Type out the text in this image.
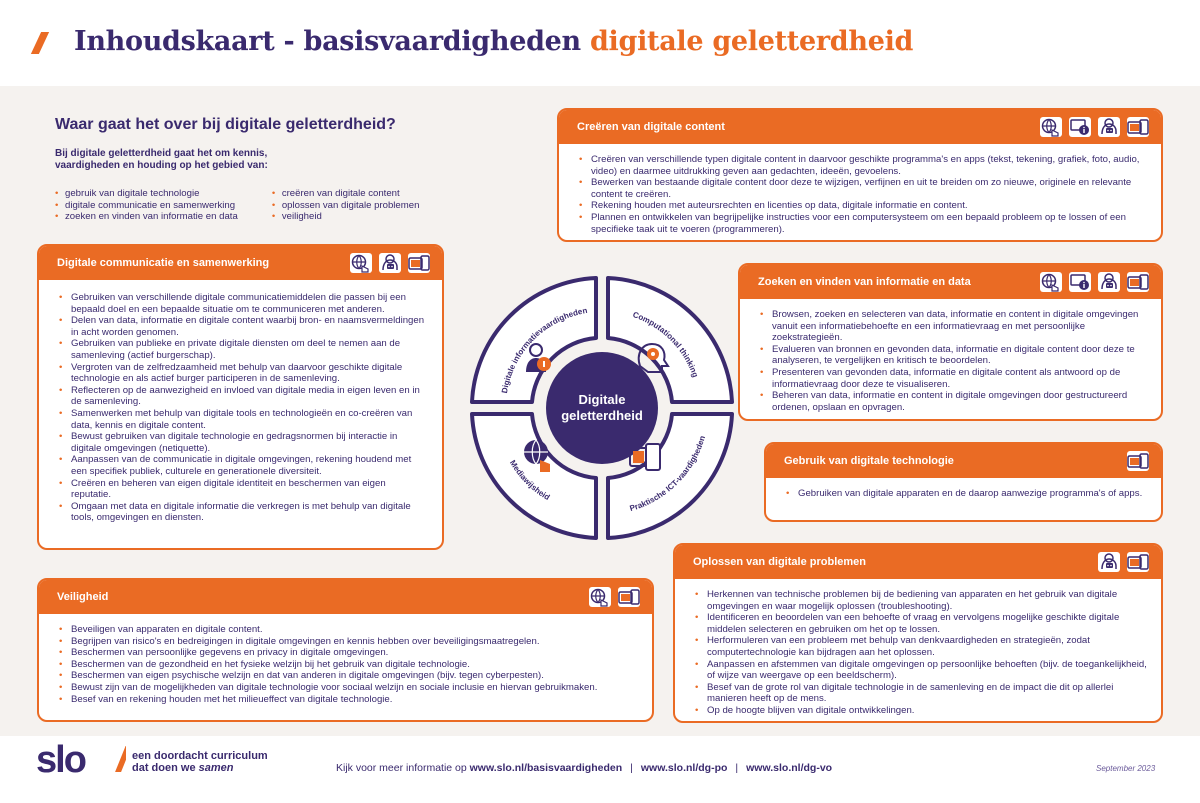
Inhoudskaart - basisvaardigheden digitale geletterdheid
Waar gaat het over bij digitale geletterdheid?

Bij digitale geletterdheid gaat het om kennis, vaardigheden en houding op het gebied van:

• gebruik van digitale technologie
• digitale communicatie en samenwerking
• zoeken en vinden van informatie en data
• creëren van digitale content
• oplossen van digitale problemen
• veiligheid
Creëren van digitale content
• Creëren van verschillende typen digitale content in daarvoor geschikte programma's en apps (tekst, tekening, grafiek, foto, audio, video) en daarmee uitdrukking geven aan gedachten, ideeën, gevoelens.
• Bewerken van bestaande digitale content door deze te wijzigen, verfijnen en uit te breiden om zo nieuwe, originele en relevante content te creëren.
• Rekening houden met auteursrechten en licenties op data, digitale informatie en content.
• Plannen en ontwikkelen van begrijpelijke instructies voor een computersysteem om een bepaald probleem op te lossen of een specifieke taak uit te voeren (programmeren).
Digitale communicatie en samenwerking
• Gebruiken van verschillende digitale communicatiemiddelen die passen bij een bepaald doel en een bepaalde situatie om te communiceren met anderen.
• Delen van data, informatie en digitale content waarbij bron- en naamsvermeldingen in acht worden genomen.
• Gebruiken van publieke en private digitale diensten om deel te nemen aan de samenleving (actief burgerschap).
• Vergroten van de zelfredzaamheid met behulp van daarvoor geschikte digitale technologie en als actief burger participeren in de samenleving.
• Reflecteren op de aanwezigheid en invloed van digitale media in eigen leven en in de samenleving.
• Samenwerken met behulp van digitale tools en technologieën en co-creëren van data, kennis en digitale content.
• Bewust gebruiken van digitale technologie en gedragsnormen bij interactie in digitale omgevingen (netiquette).
• Aanpassen van de communicatie in digitale omgevingen, rekening houdend met een specifiek publiek, culturele en generationele diversiteit.
• Creëren en beheren van eigen digitale identiteit en beschermen van eigen reputatie.
• Omgaan met data en digitale informatie die verkregen is met behulp van digitale tools, omgevingen en diensten.
Zoeken en vinden van informatie en data
• Browsen, zoeken en selecteren van data, informatie en content in digitale omgevingen vanuit een informatiebehoefte en een informatievraag en met persoonlijke zoekstrategieën.
• Evalueren van bronnen en gevonden data, informatie en digitale content door deze te analyseren, te vergelijken en kritisch te beoordelen.
• Presenteren van gevonden data, informatie en digitale content als antwoord op de informatievraag door deze te visualiseren.
• Beheren van data, informatie en content in digitale omgevingen door gestructureerd ordenen, opslaan en opvragen.
Gebruik van digitale technologie
• Gebruiken van digitale apparaten en de daarop aanwezige programma's of apps.
Oplossen van digitale problemen
• Herkennen van technische problemen bij de bediening van apparaten en het gebruik van digitale omgevingen en waar mogelijk oplossen (troubleshooting).
• Identificeren en beoordelen van een behoefte of vraag en vervolgens mogelijke geschikte digitale middelen selecteren en gebruiken om het op te lossen.
• Herformuleren van een probleem met behulp van denkvaardigheden en strategieën, zodat computertechnologie kan bijdragen aan het oplossen.
• Aanpassen en afstemmen van digitale omgevingen op persoonlijke behoeften (bijv. de toegankelijkheid, of wijze van weergave op een beeldscherm).
• Besef van de grote rol van digitale technologie in de samenleving en de impact die dit op allerlei manieren heeft op de mens.
• Op de hoogte blijven van digitale ontwikkelingen.
Veiligheid
• Beveiligen van apparaten en digitale content.
• Begrijpen van risico's en bedreigingen in digitale omgevingen en kennis hebben over beveiligingsmaatregelen.
• Beschermen van persoonlijke gegevens en privacy in digitale omgevingen.
• Beschermen van de gezondheid en het fysieke welzijn bij het gebruik van digitale technologie.
• Beschermen van eigen psychische welzijn en dat van anderen in digitale omgevingen (bijv. tegen cyberpesten).
• Bewust zijn van de mogelijkheden van digitale technologie voor sociaal welzijn en sociale inclusie en hiervan gebruikmaken.
• Besef van en rekening houden met het milieueffect van digitale technologie.
Digitale
geletterdheid
Digitale informatievaardigheden	Computational thinking
Mediawijsheid
Praktische ICT-vaardigheden
slo	een doordacht curriculum
dat doen we samen	Kijk voor meer informatie op www.slo.nl/basisvaardigheden | www.slo.nl/dg-po | www.slo.nl/dg-vo	September 2023
